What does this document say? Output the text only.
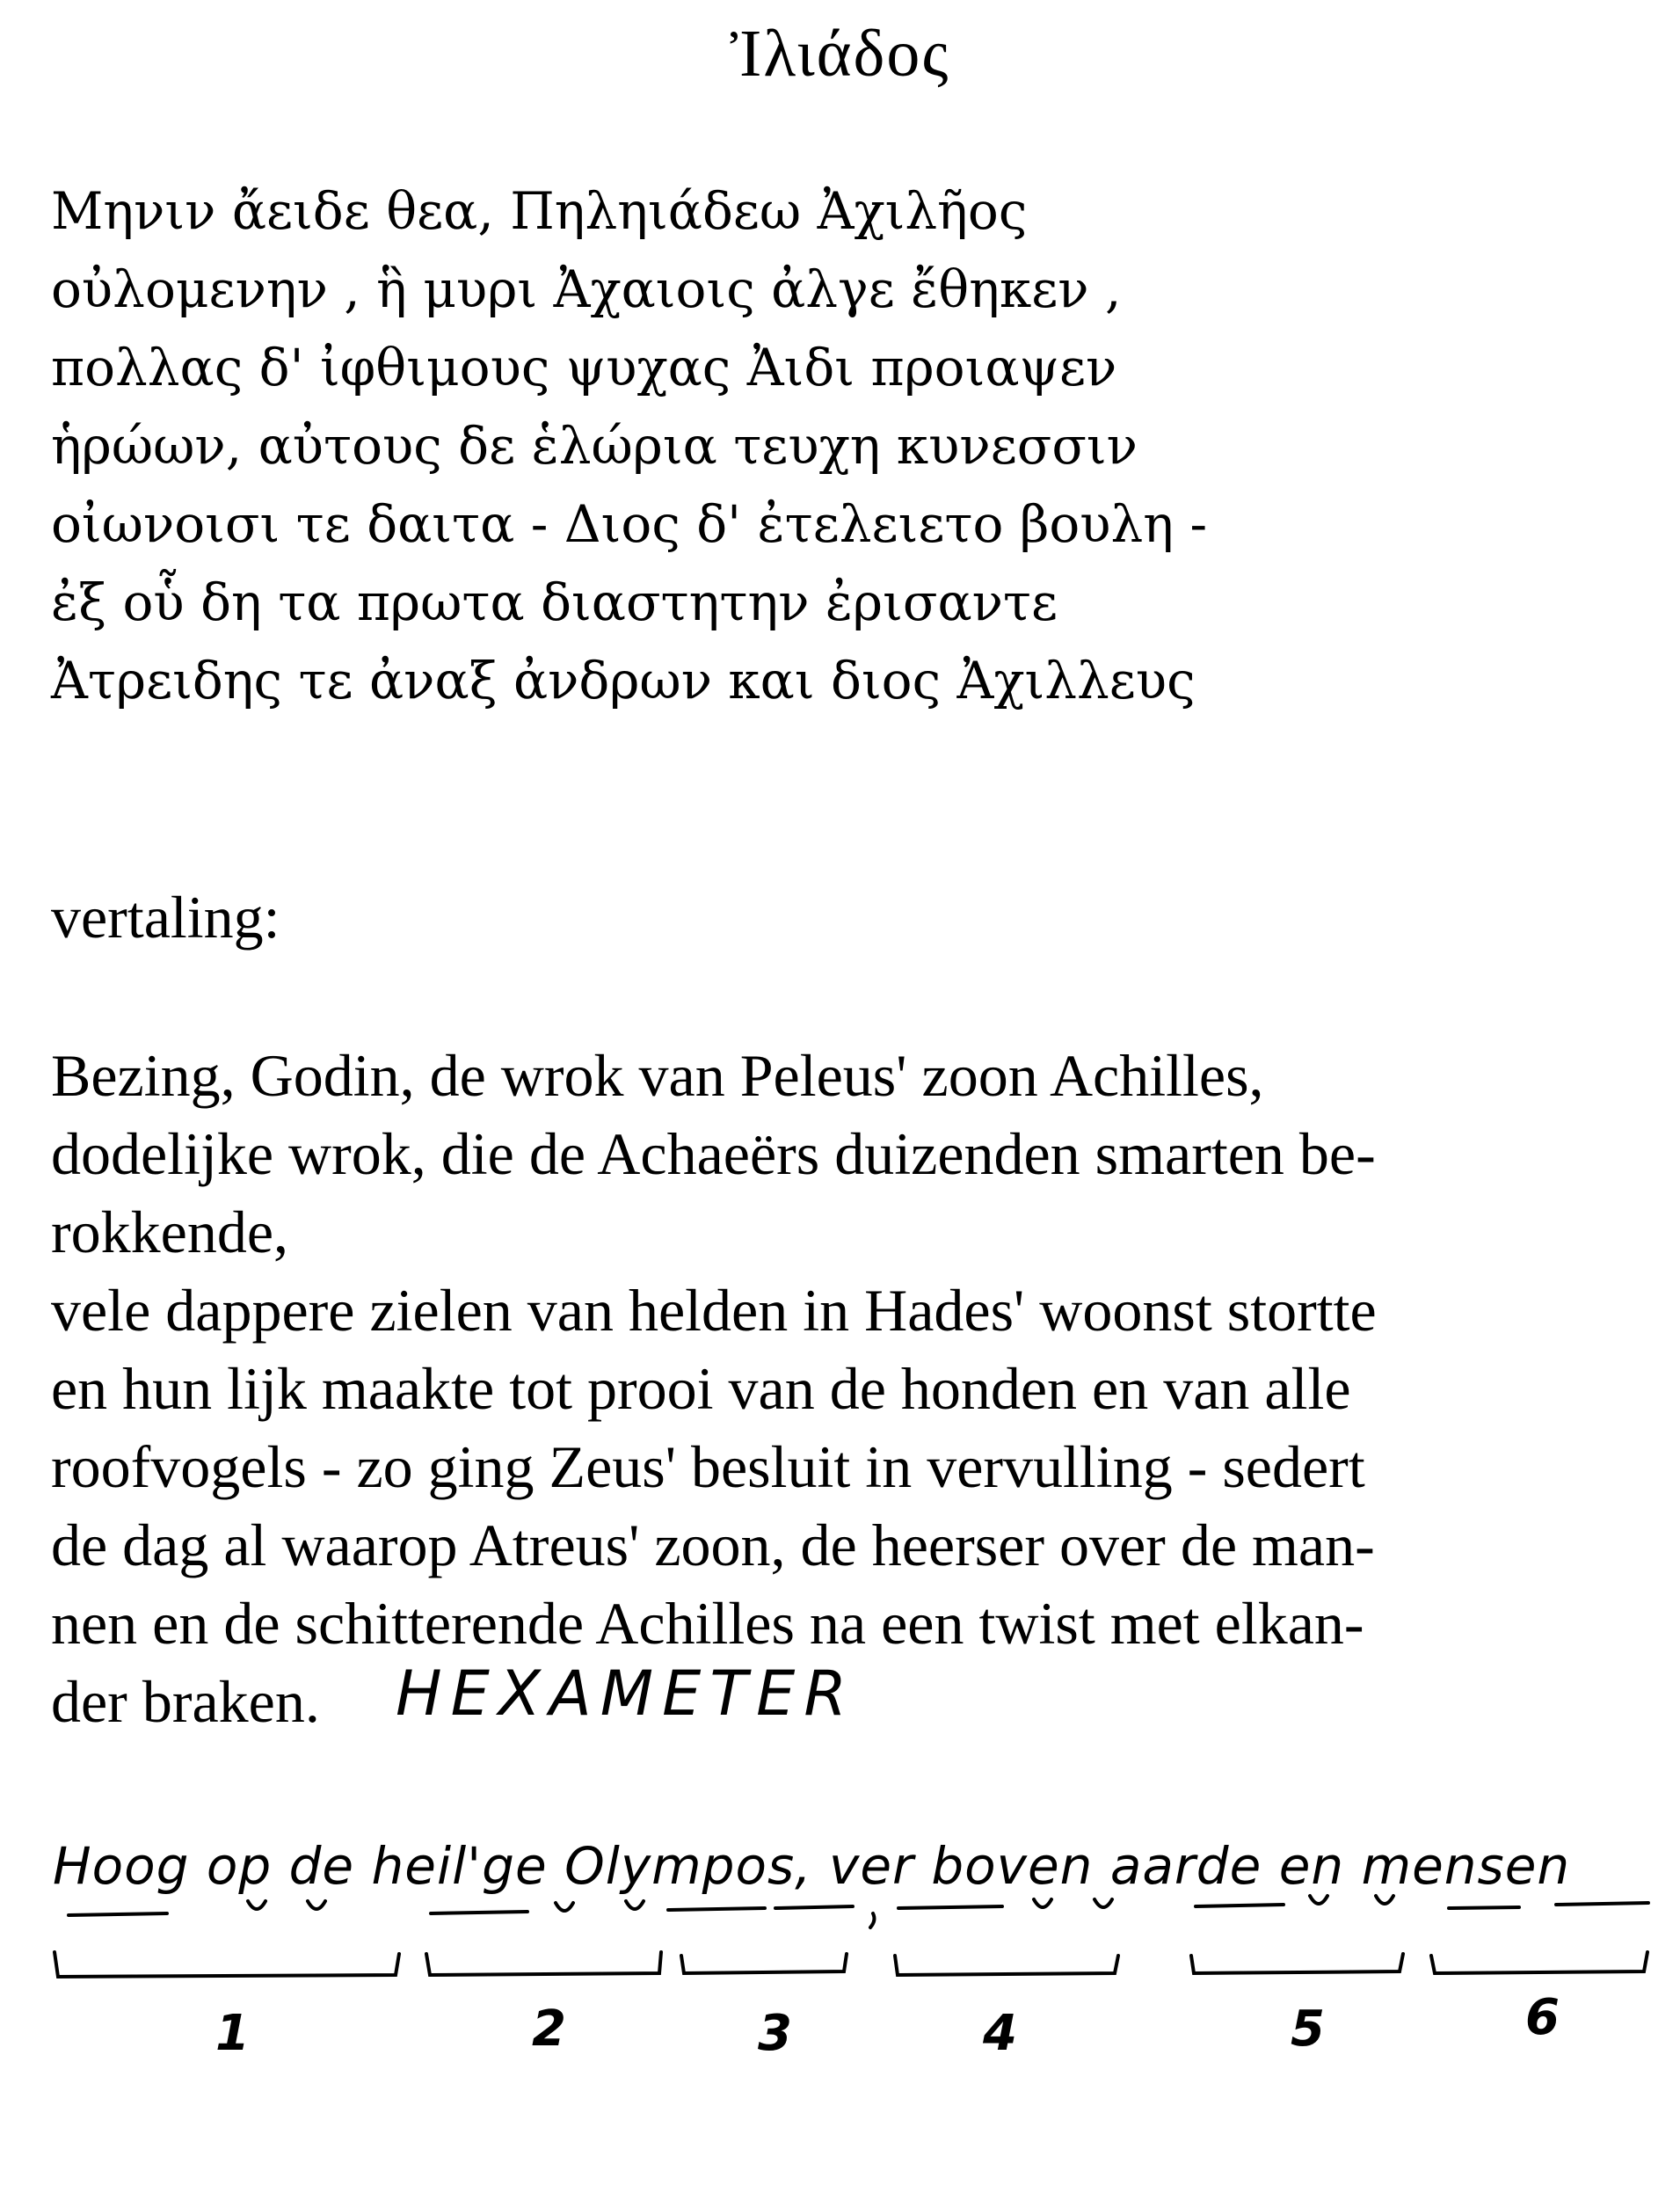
Ἰλιάδος
Μηνιν ἄειδε θεα, Πηληιάδεω Ἀχιλῆος
οὐλομενην , ἣ μυρι Ἀχαιοις ἀλγε ἔθηκεν ,
πολλας δ' ἰφθιμους ψυχας Ἀιδι προιαψεν
ἡρώων, αὐτους δε ἑλώρια τευχη κυνεσσιν
οἰωνοισι τε δαιτα - Διος δ' ἐτελειετο βουλη -
ἐξ οὗ δη τα πρωτα διαστητην ἐρισαντε
Ἀτρειδης τε ἀναξ ἀνδρων και διος Ἀχιλλευς
vertaling:
Bezing, Godin, de wrok van Peleus' zoon Achilles,
dodelijke wrok, die de Achaeërs duizenden smarten be-
rokkende,
vele dappere zielen van helden in Hades' woonst stortte
en hun lijk maakte tot prooi van de honden en van alle
roofvogels - zo ging Zeus' besluit in vervulling - sedert
de dag al waarop Atreus' zoon, de heerser over de man-
nen en de schitterende Achilles na een twist met elkan-
der braken.	HEXAMETER
Hoog op de heil'ge Olympos, ver boven aarde en mensen
1	2	3	4	5	6
